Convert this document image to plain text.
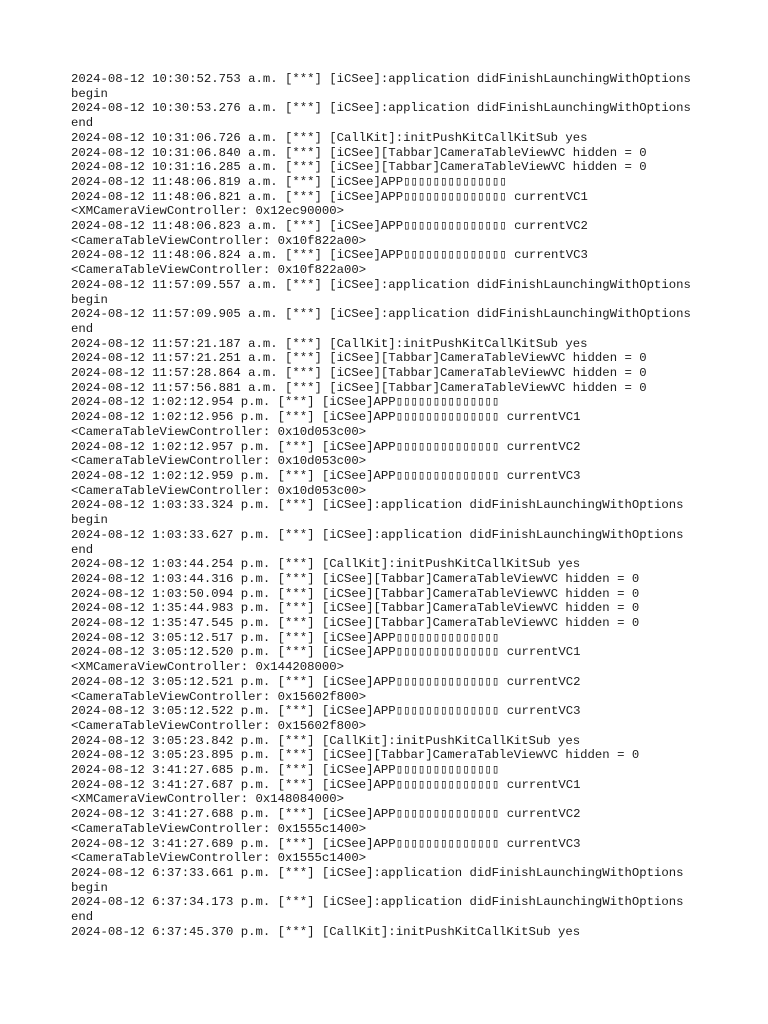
2024-08-12 10:30:52.753 a.m. [***] [iCSee]:application didFinishLaunchingWithOptions begin
2024-08-12 10:30:53.276 a.m. [***] [iCSee]:application didFinishLaunchingWithOptions end
2024-08-12 10:31:06.726 a.m. [***] [CallKit]:initPushKitCallKitSub yes
2024-08-12 10:31:06.840 a.m. [***] [iCSee][Tabbar]CameraTableViewVC hidden = 0
2024-08-12 10:31:16.285 a.m. [***] [iCSee][Tabbar]CameraTableViewVC hidden = 0
2024-08-12 11:48:06.819 a.m. [***] [iCSee]APP▯▯▯▯▯▯▯▯▯▯▯▯▯▯
2024-08-12 11:48:06.821 a.m. [***] [iCSee]APP▯▯▯▯▯▯▯▯▯▯▯▯▯▯ currentVC1 <XMCameraViewController: 0x12ec90000>
2024-08-12 11:48:06.823 a.m. [***] [iCSee]APP▯▯▯▯▯▯▯▯▯▯▯▯▯▯ currentVC2 <CameraTableViewController: 0x10f822a00>
2024-08-12 11:48:06.824 a.m. [***] [iCSee]APP▯▯▯▯▯▯▯▯▯▯▯▯▯▯ currentVC3 <CameraTableViewController: 0x10f822a00>
2024-08-12 11:57:09.557 a.m. [***] [iCSee]:application didFinishLaunchingWithOptions begin
2024-08-12 11:57:09.905 a.m. [***] [iCSee]:application didFinishLaunchingWithOptions end
2024-08-12 11:57:21.187 a.m. [***] [CallKit]:initPushKitCallKitSub yes
2024-08-12 11:57:21.251 a.m. [***] [iCSee][Tabbar]CameraTableViewVC hidden = 0
2024-08-12 11:57:28.864 a.m. [***] [iCSee][Tabbar]CameraTableViewVC hidden = 0
2024-08-12 11:57:56.881 a.m. [***] [iCSee][Tabbar]CameraTableViewVC hidden = 0
2024-08-12 1:02:12.954 p.m. [***] [iCSee]APP▯▯▯▯▯▯▯▯▯▯▯▯▯▯
2024-08-12 1:02:12.956 p.m. [***] [iCSee]APP▯▯▯▯▯▯▯▯▯▯▯▯▯▯ currentVC1 <CameraTableViewController: 0x10d053c00>
2024-08-12 1:02:12.957 p.m. [***] [iCSee]APP▯▯▯▯▯▯▯▯▯▯▯▯▯▯ currentVC2 <CameraTableViewController: 0x10d053c00>
2024-08-12 1:02:12.959 p.m. [***] [iCSee]APP▯▯▯▯▯▯▯▯▯▯▯▯▯▯ currentVC3 <CameraTableViewController: 0x10d053c00>
2024-08-12 1:03:33.324 p.m. [***] [iCSee]:application didFinishLaunchingWithOptions begin
2024-08-12 1:03:33.627 p.m. [***] [iCSee]:application didFinishLaunchingWithOptions end
2024-08-12 1:03:44.254 p.m. [***] [CallKit]:initPushKitCallKitSub yes
2024-08-12 1:03:44.316 p.m. [***] [iCSee][Tabbar]CameraTableViewVC hidden = 0
2024-08-12 1:03:50.094 p.m. [***] [iCSee][Tabbar]CameraTableViewVC hidden = 0
2024-08-12 1:35:44.983 p.m. [***] [iCSee][Tabbar]CameraTableViewVC hidden = 0
2024-08-12 1:35:47.545 p.m. [***] [iCSee][Tabbar]CameraTableViewVC hidden = 0
2024-08-12 3:05:12.517 p.m. [***] [iCSee]APP▯▯▯▯▯▯▯▯▯▯▯▯▯▯
2024-08-12 3:05:12.520 p.m. [***] [iCSee]APP▯▯▯▯▯▯▯▯▯▯▯▯▯▯ currentVC1 <XMCameraViewController: 0x144208000>
2024-08-12 3:05:12.521 p.m. [***] [iCSee]APP▯▯▯▯▯▯▯▯▯▯▯▯▯▯ currentVC2 <CameraTableViewController: 0x15602f800>
2024-08-12 3:05:12.522 p.m. [***] [iCSee]APP▯▯▯▯▯▯▯▯▯▯▯▯▯▯ currentVC3 <CameraTableViewController: 0x15602f800>
2024-08-12 3:05:23.842 p.m. [***] [CallKit]:initPushKitCallKitSub yes
2024-08-12 3:05:23.895 p.m. [***] [iCSee][Tabbar]CameraTableViewVC hidden = 0
2024-08-12 3:41:27.685 p.m. [***] [iCSee]APP▯▯▯▯▯▯▯▯▯▯▯▯▯▯
2024-08-12 3:41:27.687 p.m. [***] [iCSee]APP▯▯▯▯▯▯▯▯▯▯▯▯▯▯ currentVC1 <XMCameraViewController: 0x148084000>
2024-08-12 3:41:27.688 p.m. [***] [iCSee]APP▯▯▯▯▯▯▯▯▯▯▯▯▯▯ currentVC2 <CameraTableViewController: 0x1555c1400>
2024-08-12 3:41:27.689 p.m. [***] [iCSee]APP▯▯▯▯▯▯▯▯▯▯▯▯▯▯ currentVC3 <CameraTableViewController: 0x1555c1400>
2024-08-12 6:37:33.661 p.m. [***] [iCSee]:application didFinishLaunchingWithOptions begin
2024-08-12 6:37:34.173 p.m. [***] [iCSee]:application didFinishLaunchingWithOptions end
2024-08-12 6:37:45.370 p.m. [***] [CallKit]:initPushKitCallKitSub yes
